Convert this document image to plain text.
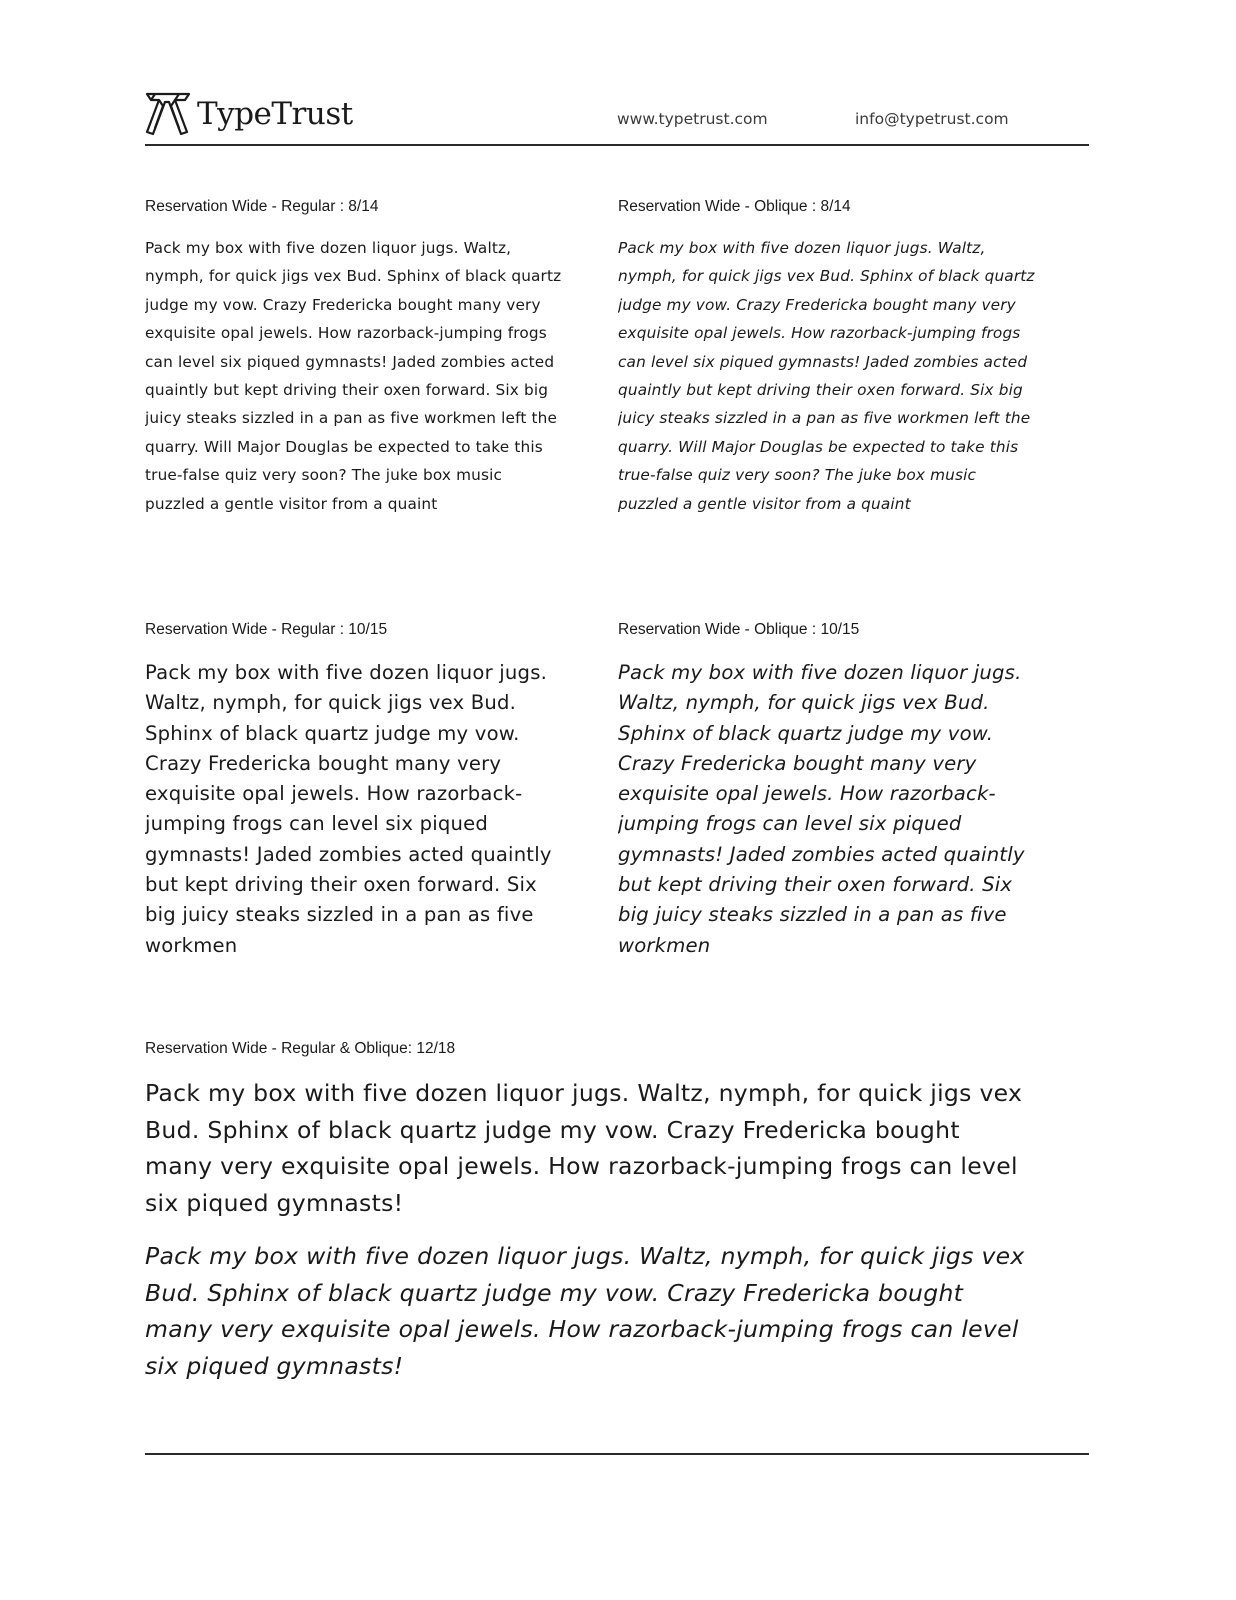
TypeTrust	www.typetrust.com	info@typetrust.com
Reservation Wide - Regular : 8/14

Pack my box with five dozen liquor jugs. Waltz, nymph, for quick jigs vex Bud. Sphinx of black quartz judge my vow. Crazy Fredericka bought many very exquisite opal jewels. How razorback-jumping frogs can level six piqued gymnasts! Jaded zombies acted quaintly but kept driving their oxen forward. Six big juicy steaks sizzled in a pan as five workmen left the quarry. Will Major Douglas be expected to take this true-false quiz very soon? The juke box music puzzled a gentle visitor from a quaint

Reservation Wide - Oblique : 8/14

Pack my box with five dozen liquor jugs. Waltz, nymph, for quick jigs vex Bud. Sphinx of black quartz judge my vow. Crazy Fredericka bought many very exquisite opal jewels. How razorback-jumping frogs can level six piqued gymnasts! Jaded zombies acted quaintly but kept driving their oxen forward. Six big juicy steaks sizzled in a pan as five workmen left the quarry. Will Major Douglas be expected to take this true-false quiz very soon? The juke box music puzzled a gentle visitor from a quaint

Reservation Wide - Regular : 10/15

Pack my box with five dozen liquor jugs. Waltz, nymph, for quick jigs vex Bud. Sphinx of black quartz judge my vow. Crazy Fredericka bought many very exquisite opal jewels. How razorback-jumping frogs can level six piqued gymnasts! Jaded zombies acted quaintly but kept driving their oxen forward. Six big juicy steaks sizzled in a pan as five workmen

Reservation Wide - Oblique : 10/15

Pack my box with five dozen liquor jugs. Waltz, nymph, for quick jigs vex Bud. Sphinx of black quartz judge my vow. Crazy Fredericka bought many very exquisite opal jewels. How razorback-jumping frogs can level six piqued gymnasts! Jaded zombies acted quaintly but kept driving their oxen forward. Six big juicy steaks sizzled in a pan as five workmen

Reservation Wide - Regular & Oblique: 12/18

Pack my box with five dozen liquor jugs. Waltz, nymph, for quick jigs vex Bud. Sphinx of black quartz judge my vow. Crazy Fredericka bought many very exquisite opal jewels. How razorback-jumping frogs can level six piqued gymnasts!

Pack my box with five dozen liquor jugs. Waltz, nymph, for quick jigs vex Bud. Sphinx of black quartz judge my vow. Crazy Fredericka bought many very exquisite opal jewels. How razorback-jumping frogs can level six piqued gymnasts!
